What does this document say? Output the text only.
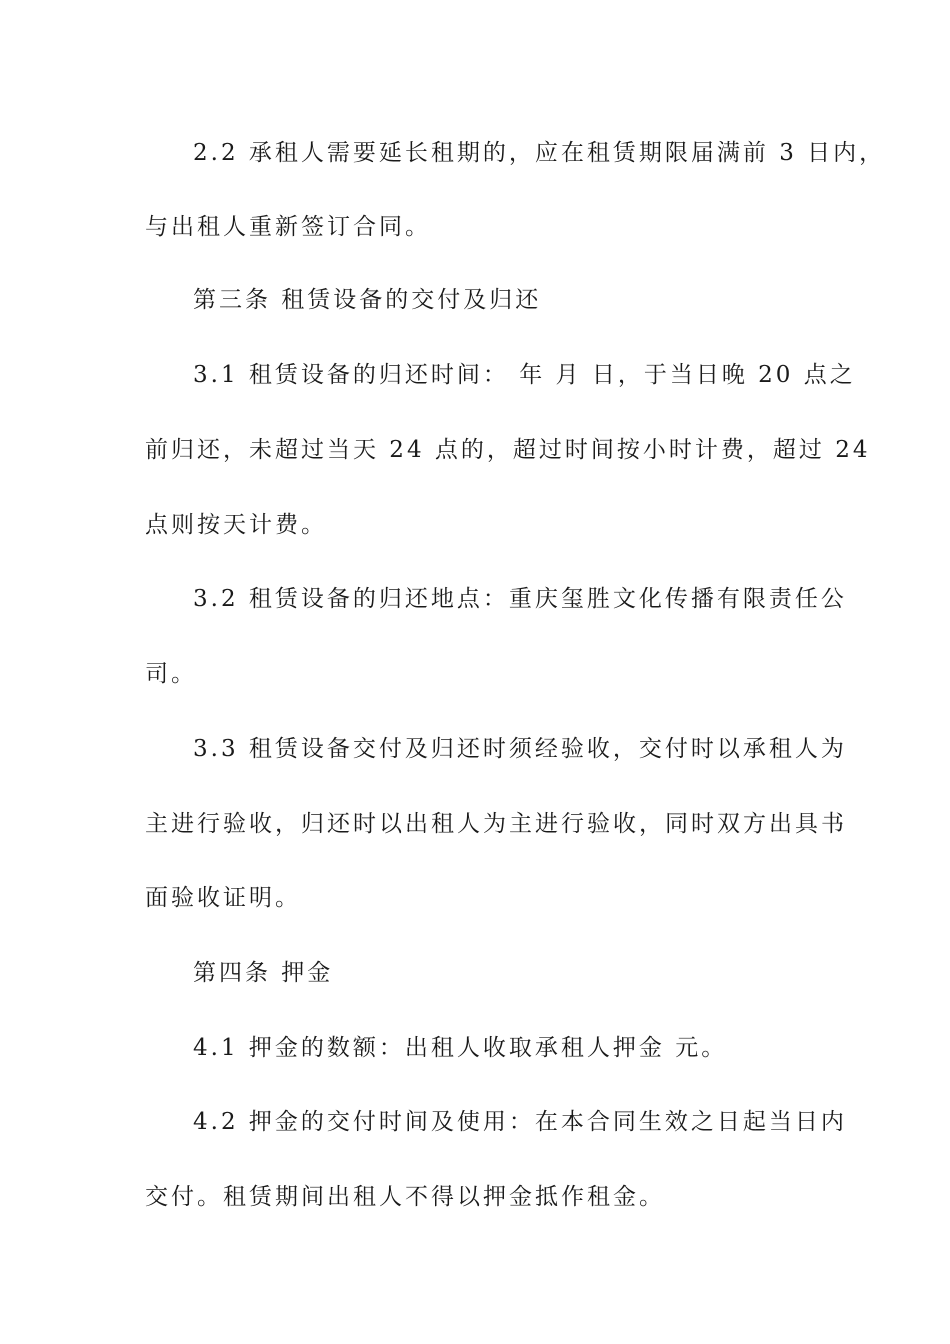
2.2 承租人需要延长租期的，应在租赁期限届满前 3 日内，

与出租人重新签订合同。

第三条 租赁设备的交付及归还

3.1 租赁设备的归还时间： 年 月 日，于当日晚 20 点之

前归还，未超过当天 24 点的，超过时间按小时计费，超过 24

点则按天计费。

3.2 租赁设备的归还地点：重庆玺胜文化传播有限责任公

司。

3.3 租赁设备交付及归还时须经验收，交付时以承租人为

主进行验收，归还时以出租人为主进行验收，同时双方出具书

面验收证明。

第四条 押金

4.1 押金的数额：出租人收取承租人押金 元。

4.2 押金的交付时间及使用：在本合同生效之日起当日内

交付。租赁期间出租人不得以押金抵作租金。
